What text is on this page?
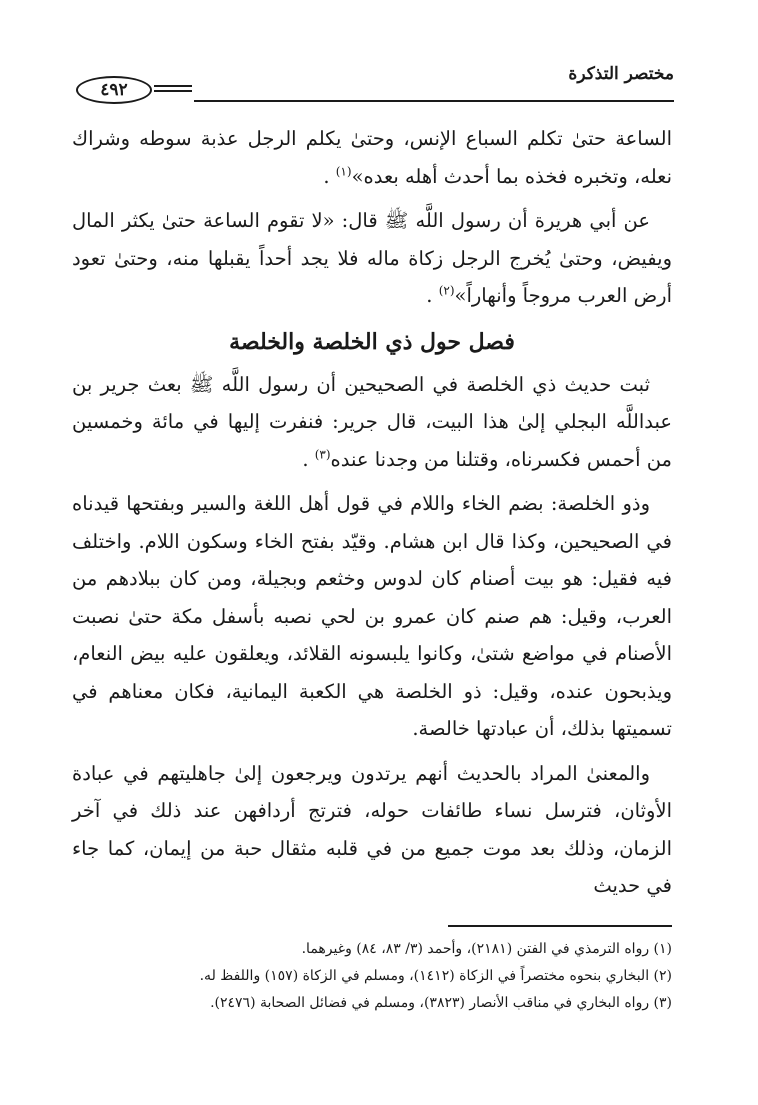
مختصر التذكرة
٤٩٢

الساعة حتىٰ تكلم السباع الإنس، وحتىٰ يكلم الرجل عذبة سوطه وشراك نعله، وتخبره فخذه بما أحدث أهله بعده»$^{(١)}$ .

عن أبي هريرة أن رسول اللَّه ﷺ قال: «لا تقوم الساعة حتىٰ يكثر المال ويفيض، وحتىٰ يُخرج الرجل زكاة ماله فلا يجد أحداً يقبلها منه، وحتىٰ تعود أرض العرب مروجاً وأنهاراً»$^{(٢)}$ .

فصل حول ذي الخلصة والخلصة

ثبت حديث ذي الخلصة في الصحيحين أن رسول اللَّه ﷺ بعث جرير بن عبداللَّه البجلي إلىٰ هذا البيت، قال جرير: فنفرت إليها في مائة وخمسين من أحمس فكسرناه، وقتلنا من وجدنا عنده$^{(٣)}$ .

وذو الخلصة: بضم الخاء واللام في قول أهل اللغة والسير وبفتحها قيدناه في الصحيحين، وكذا قال ابن هشام. وقيّد بفتح الخاء وسكون اللام. واختلف فيه فقيل: هو بيت أصنام كان لدوس وخثعم وبجيلة، ومن كان ببلادهم من العرب، وقيل: هم صنم كان عمرو بن لحي نصبه بأسفل مكة حتىٰ نصبت الأصنام في مواضع شتىٰ، وكانوا يلبسونه القلائد، ويعلقون عليه بيض النعام، ويذبحون عنده، وقيل: ذو الخلصة هي الكعبة اليمانية، فكان معناهم في تسميتها بذلك، أن عبادتها خالصة.

والمعنىٰ المراد بالحديث أنهم يرتدون ويرجعون إلىٰ جاهليتهم في عبادة الأوثان، فترسل نساء طائفات حوله، فترتج أردافهن عند ذلك في آخر الزمان، وذلك بعد موت جميع من في قلبه مثقال حبة من إيمان، كما جاء في حديث

(١) رواه الترمذي في الفتن (٢١٨١)، وأحمد (٣/ ٨٣، ٨٤) وغيرهما.
(٢) البخاري بنحوه مختصراً في الزكاة (١٤١٢)، ومسلم في الزكاة (١٥٧) واللفظ له.
(٣) رواه البخاري في مناقب الأنصار (٣٨٢٣)، ومسلم في فضائل الصحابة (٢٤٧٦).
